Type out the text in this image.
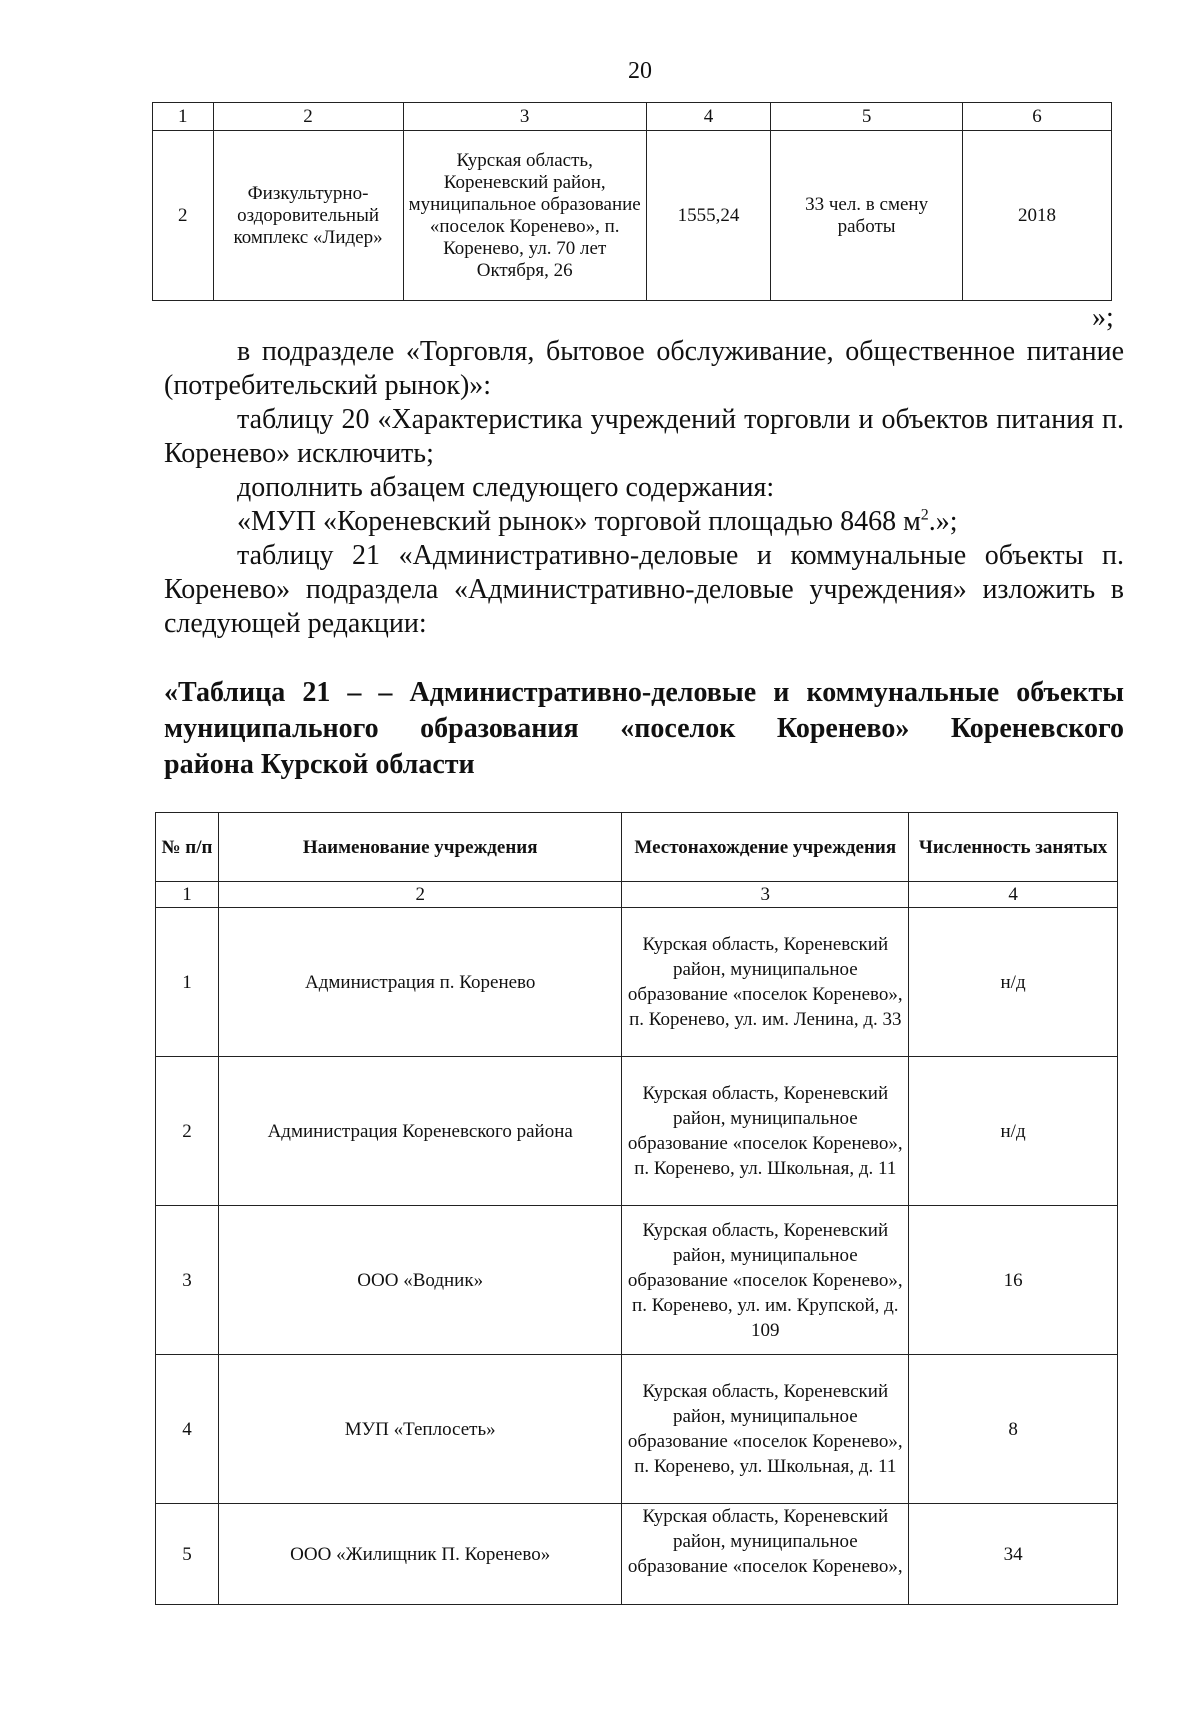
20
1	2	3	4	5	6
2	Физкультурно-оздоровительный комплекс «Лидер»	Курская область, Кореневский район, муниципальное образование «поселок Коренево», п. Коренево, ул. 70 лет Октября, 26	1555,24	33 чел. в смену работы	2018
»;

в подразделе «Торговля, бытовое обслуживание, общественное питание (потребительский рынок)»:

таблицу 20 «Характеристика учреждений торговли и объектов питания п. Коренево» исключить;

дополнить абзацем следующего содержания:

«МУП «Кореневский рынок» торговой площадью 8468 $м^2$.»;

таблицу 21 «Административно-деловые и коммунальные объекты п. Коренево» подраздела «Административно-деловые учреждения» изложить в следующей редакции:

«Таблица 21 – – Административно-деловые и коммунальные объекты
муниципального образования «поселок Коренево» Кореневского
района Курской области
№ п/п	Наименование учреждения	Местонахождение учреждения	Численность занятых
1	2	3	4
1	Администрация п. Коренево	Курская область, Кореневский район, муниципальное образование «поселок Коренево», п. Коренево, ул. им. Ленина, д. 33	н/д
2	Администрация Кореневского района	Курская область, Кореневский район, муниципальное образование «поселок Коренево», п. Коренево, ул. Школьная, д. 11	н/д
3	ООО «Водник»	Курская область, Кореневский район, муниципальное образование «поселок Коренево», п. Коренево, ул. им. Крупской, д. 109	16
4	МУП «Теплосеть»	Курская область, Кореневский район, муниципальное образование «поселок Коренево», п. Коренево, ул. Школьная, д. 11	8
5	ООО «Жилищник П. Коренево»	Курская область, Кореневский район, муниципальное образование «поселок Коренево»,	34
